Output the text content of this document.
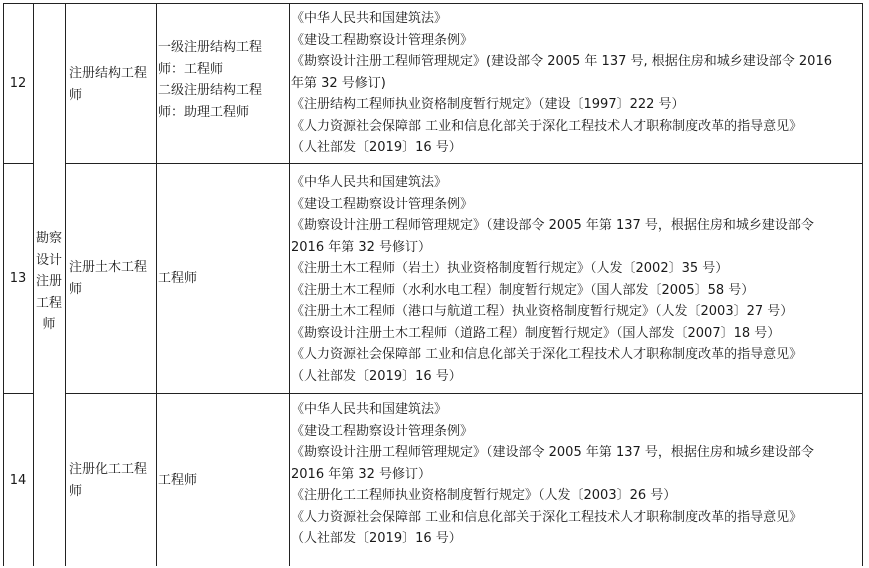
勘察
设计
注册
工程
师
12
注册结构工程
师
一级注册结构工程
师：工程师
二级注册结构工程
师：助理工程师
《中华人民共和国建筑法》
《建设工程勘察设计管理条例》
《勘察设计注册工程师管理规定》(建设部令 2005 年 137 号, 根据住房和城乡建设部令 2016
年第 32 号修订)
《注册结构工程师执业资格制度暂行规定》（建设〔1997〕222 号）
《人力资源社会保障部 工业和信息化部关于深化工程技术人才职称制度改革的指导意见》
（人社部发〔2019〕16 号）
13
注册土木工程
师
工程师
《中华人民共和国建筑法》
《建设工程勘察设计管理条例》
《勘察设计注册工程师管理规定》（建设部令 2005 年第 137 号，根据住房和城乡建设部令
2016 年第 32 号修订）
《注册土木工程师（岩土）执业资格制度暂行规定》（人发〔2002〕35 号）
《注册土木工程师（水利水电工程）制度暂行规定》（国人部发〔2005〕58 号）
《注册土木工程师（港口与航道工程）执业资格制度暂行规定》（人发〔2003〕27 号）
《勘察设计注册土木工程师（道路工程）制度暂行规定》（国人部发〔2007〕18 号）
《人力资源社会保障部 工业和信息化部关于深化工程技术人才职称制度改革的指导意见》
（人社部发〔2019〕16 号）
14
注册化工工程
师
工程师
《中华人民共和国建筑法》
《建设工程勘察设计管理条例》
《勘察设计注册工程师管理规定》（建设部令 2005 年第 137 号，根据住房和城乡建设部令
2016 年第 32 号修订）
《注册化工工程师执业资格制度暂行规定》（人发〔2003〕26 号）
《人力资源社会保障部 工业和信息化部关于深化工程技术人才职称制度改革的指导意见》
（人社部发〔2019〕16 号）
